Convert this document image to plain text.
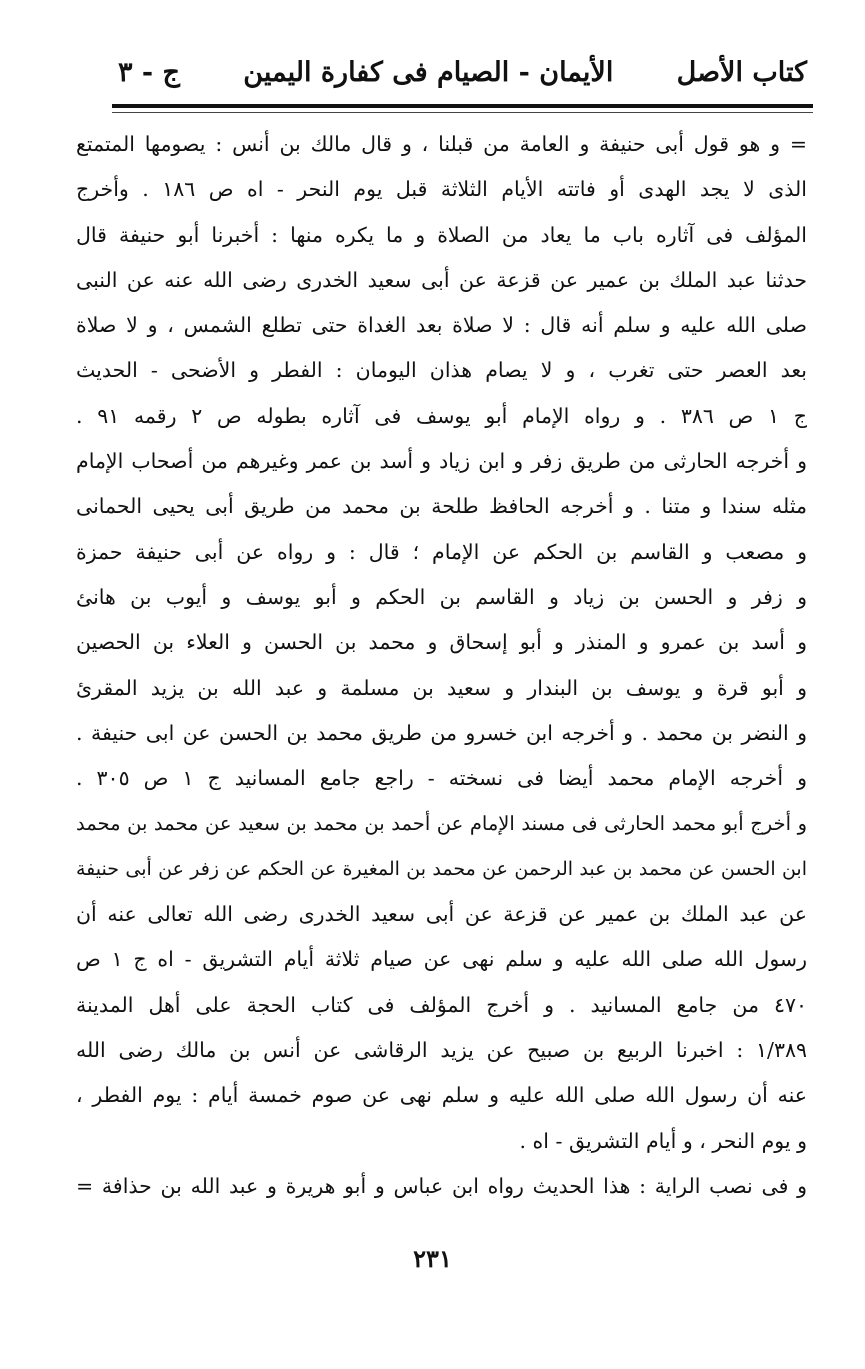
كتاب الأصل
الأيمان - الصيام فى كفارة اليمين
ج - ٣
= و هو قول أبى حنيفة و العامة من قبلنا ، و قال مالك بن أنس : يصومها المتمتع
الذى لا يجد الهدى أو فاتته الأيام الثلاثة قبل يوم النحر - اه ص ١٨٦ . وأخرج
المؤلف فى آثاره باب ما يعاد من الصلاة و ما يكره منها : أخبرنا أبو حنيفة قال
حدثنا عبد الملك بن عمير عن قزعة عن أبى سعيد الخدرى رضى الله عنه عن النبى
صلى الله عليه و سلم أنه قال : لا صلاة بعد الغداة حتى تطلع الشمس ، و لا صلاة
بعد العصر حتى تغرب ، و لا يصام هذان اليومان : الفطر و الأضحى - الحديث
ج ١ ص ٣٨٦ . و رواه الإمام أبو يوسف فى آثاره بطوله ص ٢ رقمه ٩١ .
و أخرجه الحارثى من طريق زفر و ابن زياد و أسد بن عمر وغيرهم من أصحاب الإمام
مثله سندا و متنا . و أخرجه الحافظ طلحة بن محمد من طريق أبى يحيى الحمانى
و مصعب و القاسم بن الحكم عن الإمام ؛ قال : و رواه عن أبى حنيفة حمزة
و زفر و الحسن بن زياد و القاسم بن الحكم و أبو يوسف و أيوب بن هانئ
و أسد بن عمرو و المنذر و أبو إسحاق و محمد بن الحسن و العلاء بن الحصين
و أبو قرة و يوسف بن البندار و سعيد بن مسلمة و عبد الله بن يزيد المقرئ
و النضر بن محمد . و أخرجه ابن خسرو من طريق محمد بن الحسن عن ابى حنيفة .
و أخرجه الإمام محمد أيضا فى نسخته - راجع جامع المسانيد ج ١ ص ٣٠٥ .
و أخرج أبو محمد الحارثى فى مسند الإمام عن أحمد بن محمد بن سعيد عن محمد بن محمد
ابن الحسن عن محمد بن عبد الرحمن عن محمد بن المغيرة عن الحكم عن زفر عن أبى حنيفة
عن عبد الملك بن عمير عن قزعة عن أبى سعيد الخدرى رضى الله تعالى عنه أن
رسول الله صلى الله عليه و سلم نهى عن صيام ثلاثة أيام التشريق - اه ج ١ ص
٤٧٠ من جامع المسانيد . و أخرج المؤلف فى كتاب الحجة على أهل المدينة
١/٣٨٩ : اخبرنا الربيع بن صبيح عن يزيد الرقاشى عن أنس بن مالك رضى الله
عنه أن رسول الله صلى الله عليه و سلم نهى عن صوم خمسة أيام : يوم الفطر ،
و يوم النحر ، و أيام التشريق - اه .
و فى نصب الراية : هذا الحديث رواه ابن عباس و أبو هريرة و عبد الله بن حذافة =
٢٣١
